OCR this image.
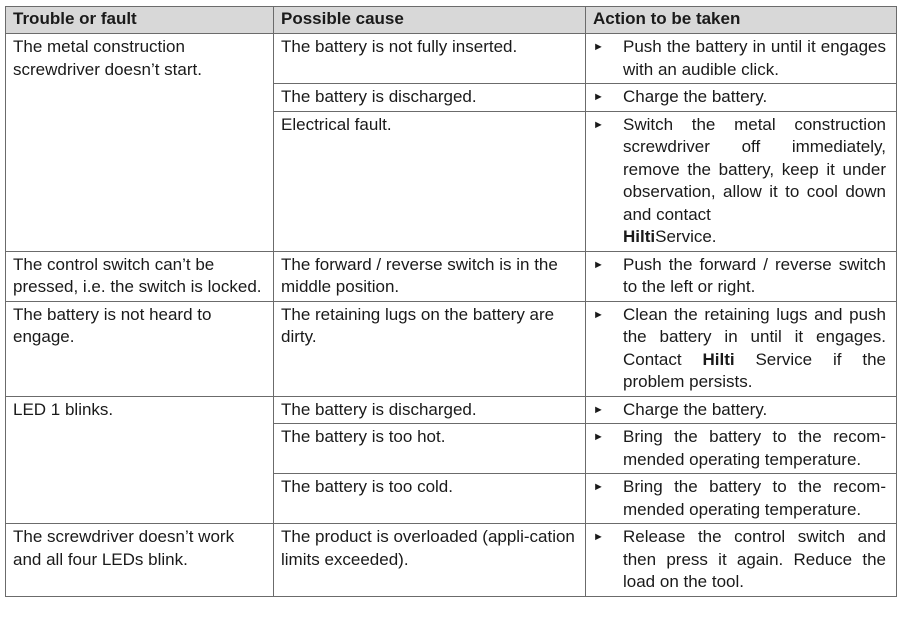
Trouble or fault	Possible cause	Action to be taken
The metal construction screwdriver doesn’t start.	The battery is not fully inserted.	► Push the battery in until it engages with an audible click.

	The battery is discharged.	► Charge the battery.

	Electrical fault.	► Switch the metal construction screwdriver off immediately, remove the battery, keep it under observation, allow it to cool down and contact
HiltiService.

The control switch can’t be pressed, i.e. the switch is locked.	The forward / reverse switch is in the middle position.	► Push the forward / reverse switch to the left or right.

The battery is not heard to engage.	The retaining lugs on the battery are dirty.	► Clean the retaining lugs and push the battery in until it engages. Contact Hilti Service if the problem persists.

LED 1 blinks.	The battery is discharged.	► Charge the battery.

	The battery is too hot.	► Bring the battery to the recom-mended operating temperature.

	The battery is too cold.	► Bring the battery to the recom-mended operating temperature.

The screwdriver doesn’t work and all four LEDs blink.	The product is overloaded (appli-cation limits exceeded).	► Release the control switch and then press it again. Reduce the load on the tool.
